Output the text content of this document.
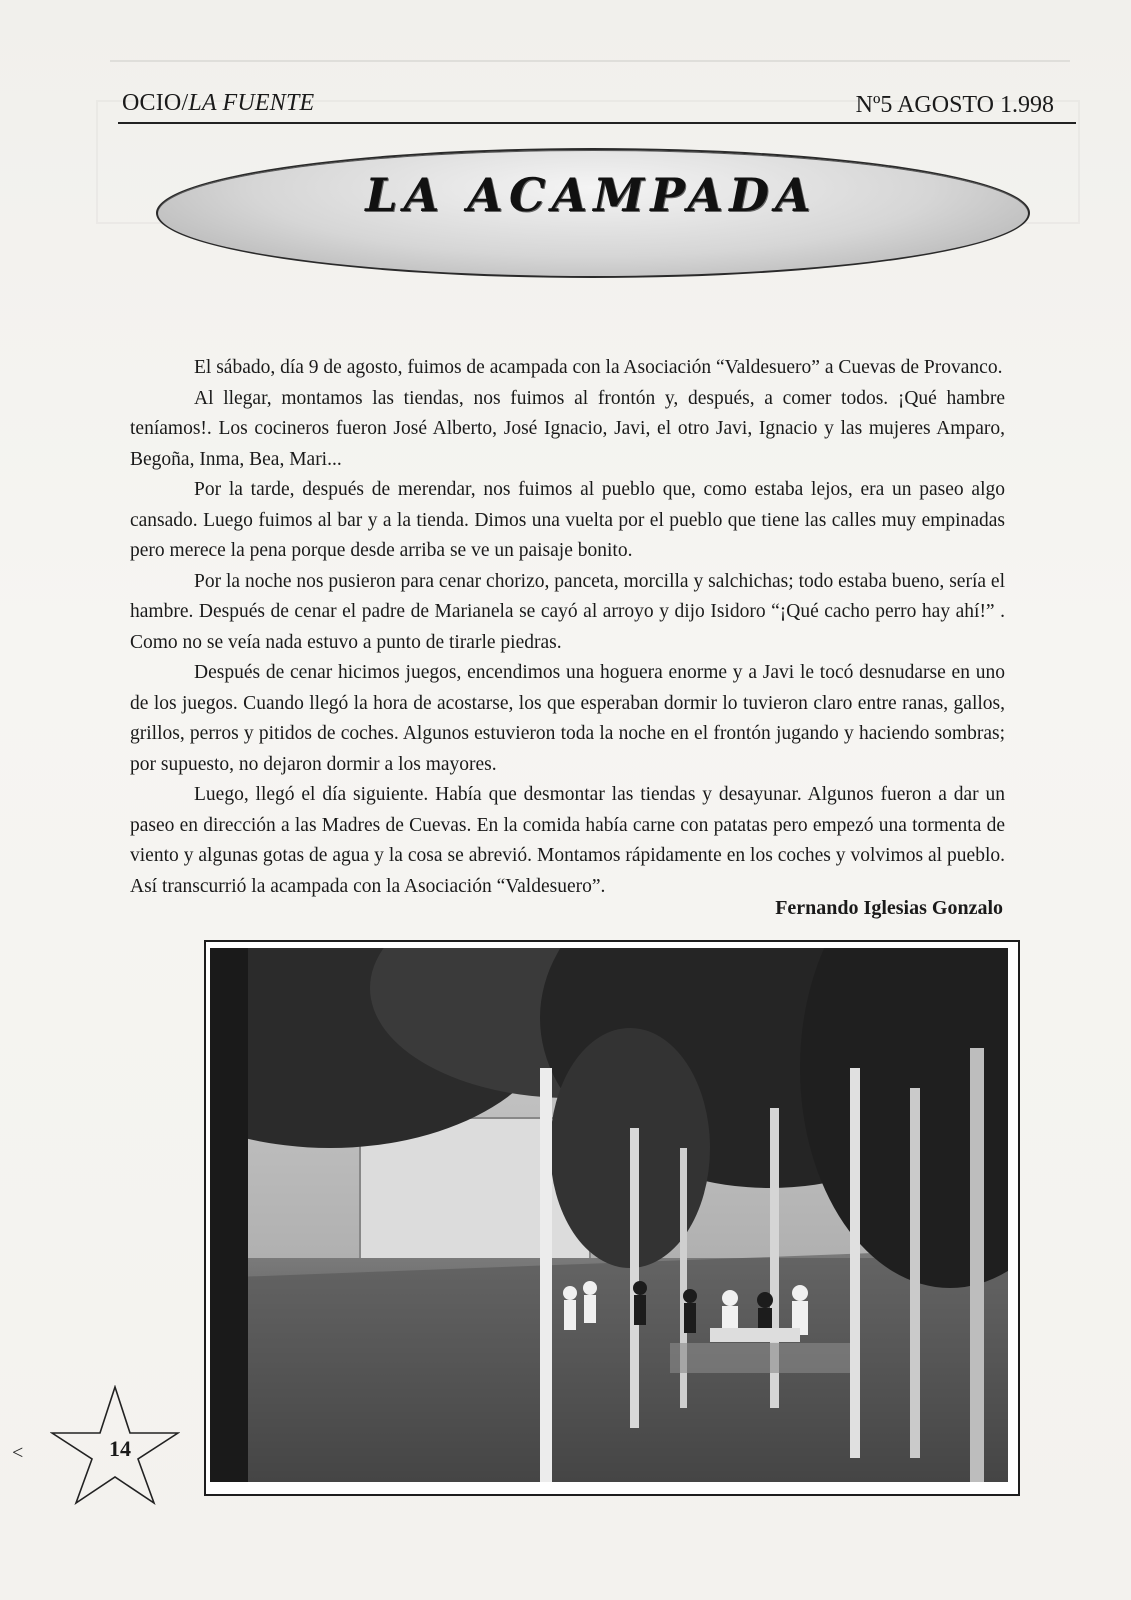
OCIO/LA FUENTE	Nº5 AGOSTO 1.998
LA ACAMPADA

El sábado, día 9 de agosto, fuimos de acampada con la Asociación “Valdesuero” a Cuevas de Provanco.

Al llegar, montamos las tiendas, nos fuimos al frontón y, después, a comer todos. ¡Qué hambre teníamos!. Los cocineros fueron José Alberto, José Ignacio, Javi, el otro Javi, Ignacio y las mujeres Amparo, Begoña, Inma, Bea, Mari...

Por la tarde, después de merendar, nos fuimos al pueblo que, como estaba lejos, era un paseo algo cansado. Luego fuimos al bar y a la tienda. Dimos una vuelta por el pueblo que tiene las calles muy empinadas pero merece la pena porque desde arriba se ve un paisaje bonito.

Por la noche nos pusieron para cenar chorizo, panceta, morcilla y salchichas; todo estaba bueno, sería el hambre. Después de cenar el padre de Marianela se cayó al arroyo y dijo Isidoro “¡Qué cacho perro hay ahí!” . Como no se veía nada estuvo a punto de tirarle piedras.

Después de cenar hicimos juegos, encendimos una hoguera enorme y a Javi le tocó desnudarse en uno de los juegos. Cuando llegó la hora de acostarse, los que esperaban dormir lo tuvieron claro entre ranas, gallos, grillos, perros y pitidos de coches. Algunos estuvieron toda la noche en el frontón jugando y haciendo sombras; por supuesto, no dejaron dormir a los mayores.

Luego, llegó el día siguiente. Había que desmontar las tiendas y desayunar. Algunos fueron a dar un paseo en dirección a las Madres de Cuevas. En la comida había carne con patatas pero empezó una tormenta de viento y algunas gotas de agua y la cosa se abrevió. Montamos rápidamente en los coches y volvimos al pueblo. Así transcurrió la acampada con la Asociación “Valdesuero”.

Fernando Iglesias Gonzalo
14
<
